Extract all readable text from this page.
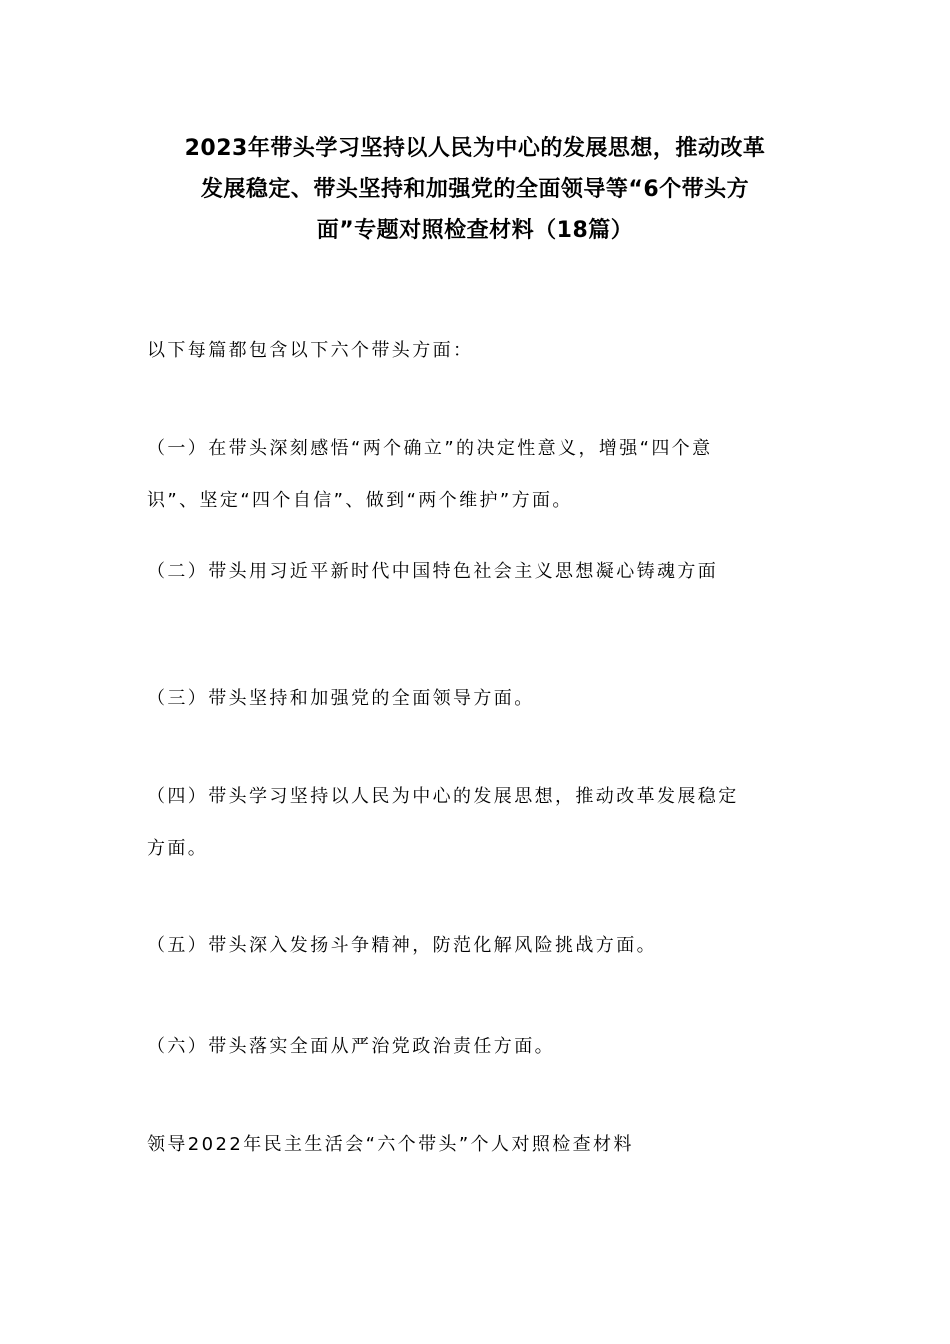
2023年带头学习坚持以人民为中心的发展思想，推动改革
发展稳定、带头坚持和加强党的全面领导等“6个带头方
面”专题对照检查材料（18篇）
以下每篇都包含以下六个带头方面：
（一）在带头深刻感悟“两个确立”的决定性意义，增强“四个意
识”、坚定“四个自信”、做到“两个维护”方面。
（二）带头用习近平新时代中国特色社会主义思想凝心铸魂方面
（三）带头坚持和加强党的全面领导方面。
（四）带头学习坚持以人民为中心的发展思想，推动改革发展稳定
方面。
（五）带头深入发扬斗争精神，防范化解风险挑战方面。
（六）带头落实全面从严治党政治责任方面。
领导2022年民主生活会“六个带头”个人对照检查材料
